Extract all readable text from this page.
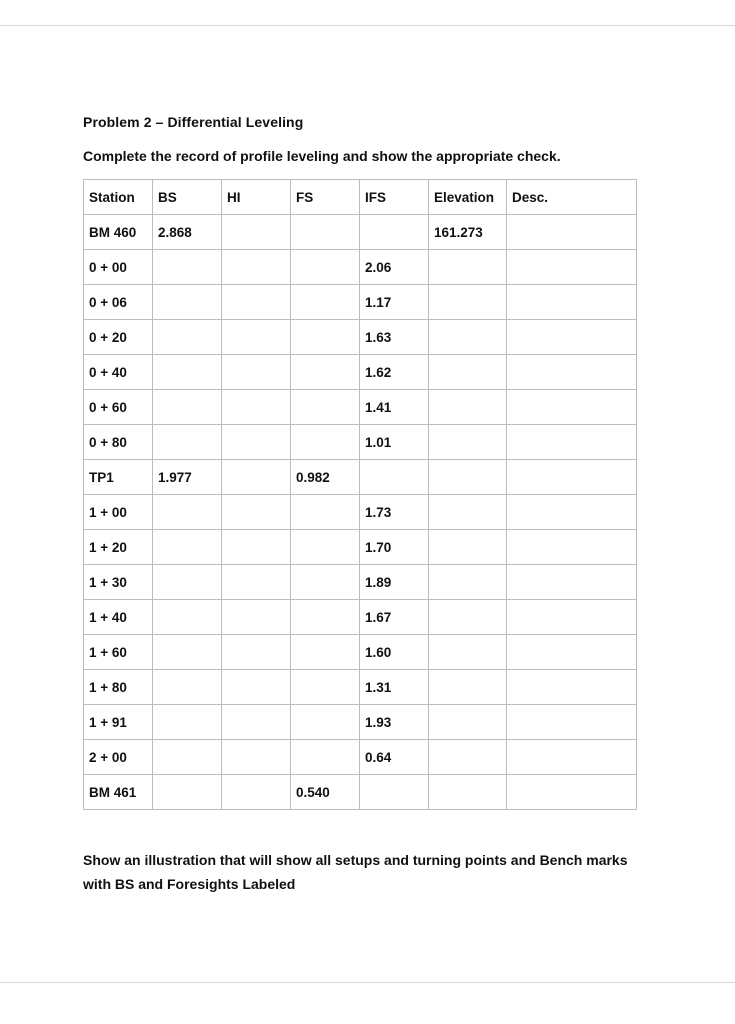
Problem 2 – Differential Leveling
Complete the record of profile leveling and show the appropriate check.
Station	BS	HI	FS	IFS	Elevation	Desc.
BM 460	2.868				161.273	
0 + 00				2.06		
0 + 06				1.17		
0 + 20				1.63		
0 + 40				1.62		
0 + 60				1.41		
0 + 80				1.01		
TP1	1.977		0.982			
1 + 00				1.73		
1 + 20				1.70		
1 + 30				1.89		
1 + 40				1.67		
1 + 60				1.60		
1 + 80				1.31		
1 + 91				1.93		
2 + 00				0.64		
BM 461			0.540			
Show an illustration that will show all setups and turning points and Bench marks with BS and Foresights Labeled
